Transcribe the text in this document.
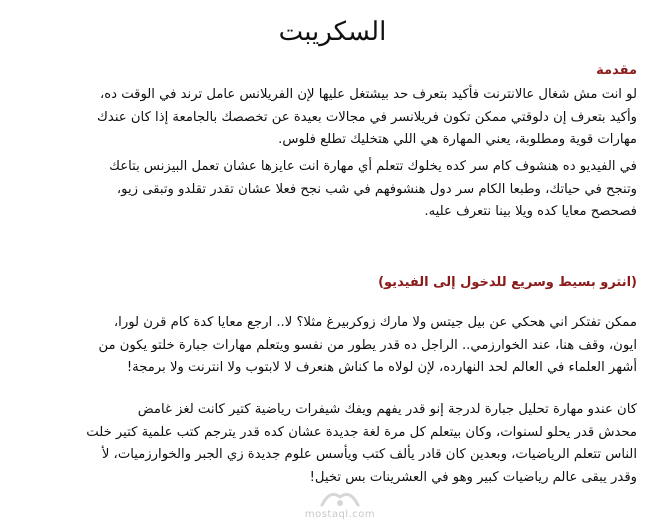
السكريبت
مقدمة
لو انت مش شغال عالانترنت فأكيد بتعرف حد بيشتغل عليها لإن الفريلانس عامل ترند في الوقت ده،
وأكيد بتعرف إن دلوقتي ممكن تكون فريلانسر في مجالات بعيدة عن تخصصك بالجامعة إذا كان عندك
مهارات قوية ومطلوبة، يعني المهارة هي اللي هتخليك تطلع فلوس.
في الفيديو ده هنشوف كام سر كده يخلوك تتعلم أي مهارة انت عايزها عشان تعمل البيزنس بتاعك
وتنجح في حياتك، وطبعا الكام سر دول هنشوفهم في شب نجح فعلا عشان تقدر تقلدو وتبقى زيو،
فصحصح معايا كده ويلا بينا نتعرف عليه.
(انترو بسيط وسريع للدخول إلى الفيديو)
ممكن تفتكر اني هحكي عن بيل جيتس ولا مارك زوكربيرغ مثلا؟ لا.. ارجع معايا كدة كام قرن لورا،
ايون، وقف هنا، عند الخوارزمي.. الراجل ده قدر يطور من نفسو ويتعلم مهارات جبارة خلتو يكون من
أشهر العلماء في العالم لحد النهارده، لإن لولاه ما كناش هنعرف لا لابتوب ولا انترنت ولا برمجة!
كان عندو مهارة تحليل جبارة لدرجة إنو قدر يفهم ويفك شيفرات رياضية كتير كانت لغز غامض
محدش قدر يحلو لسنوات، وكان بيتعلم كل مرة لغة جديدة عشان كده قدر يترجم كتب علمية كتير خلت
الناس تتعلم الرياضيات، وبعدين كان قادر يألف كتب ويأسس علوم جديدة زي الجبر والخوارزميات، لأ
وقدر يبقى عالم رياضيات كبير وهو في العشرينات بس تخيل!
mostaql.com
